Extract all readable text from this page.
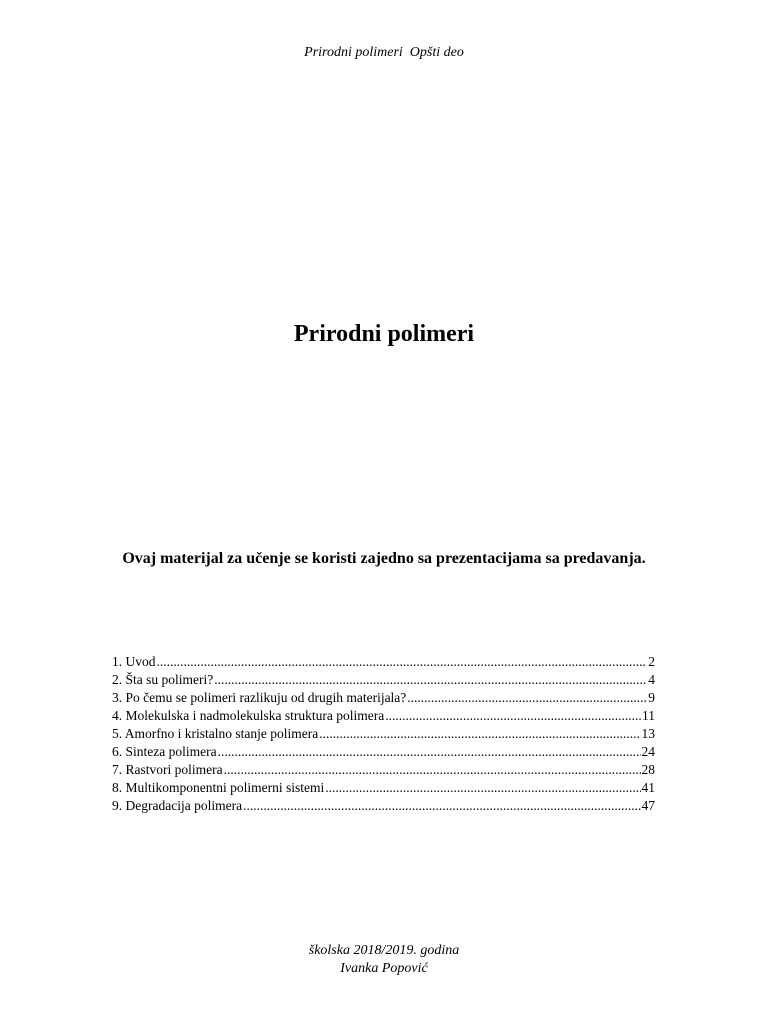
Prirodni polimeri  Opšti deo
Prirodni polimeri
Ovaj materijal za učenje se koristi zajedno sa prezentacijama sa predavanja.
1. Uvod .....	2
2. Šta su polimeri? .....	4
3. Po čemu se polimeri razlikuju od drugih materijala? .....	9
4. Molekulska i nadmolekulska struktura polimera .....	11
5. Amorfno i kristalno stanje polimera .....	13
6. Sinteza polimera .....	24
7. Rastvori polimera .....	28
8. Multikomponentni polimerni sistemi .....	41
9. Degradacija polimera .....	47
školska 2018/2019. godina
Ivanka Popović
